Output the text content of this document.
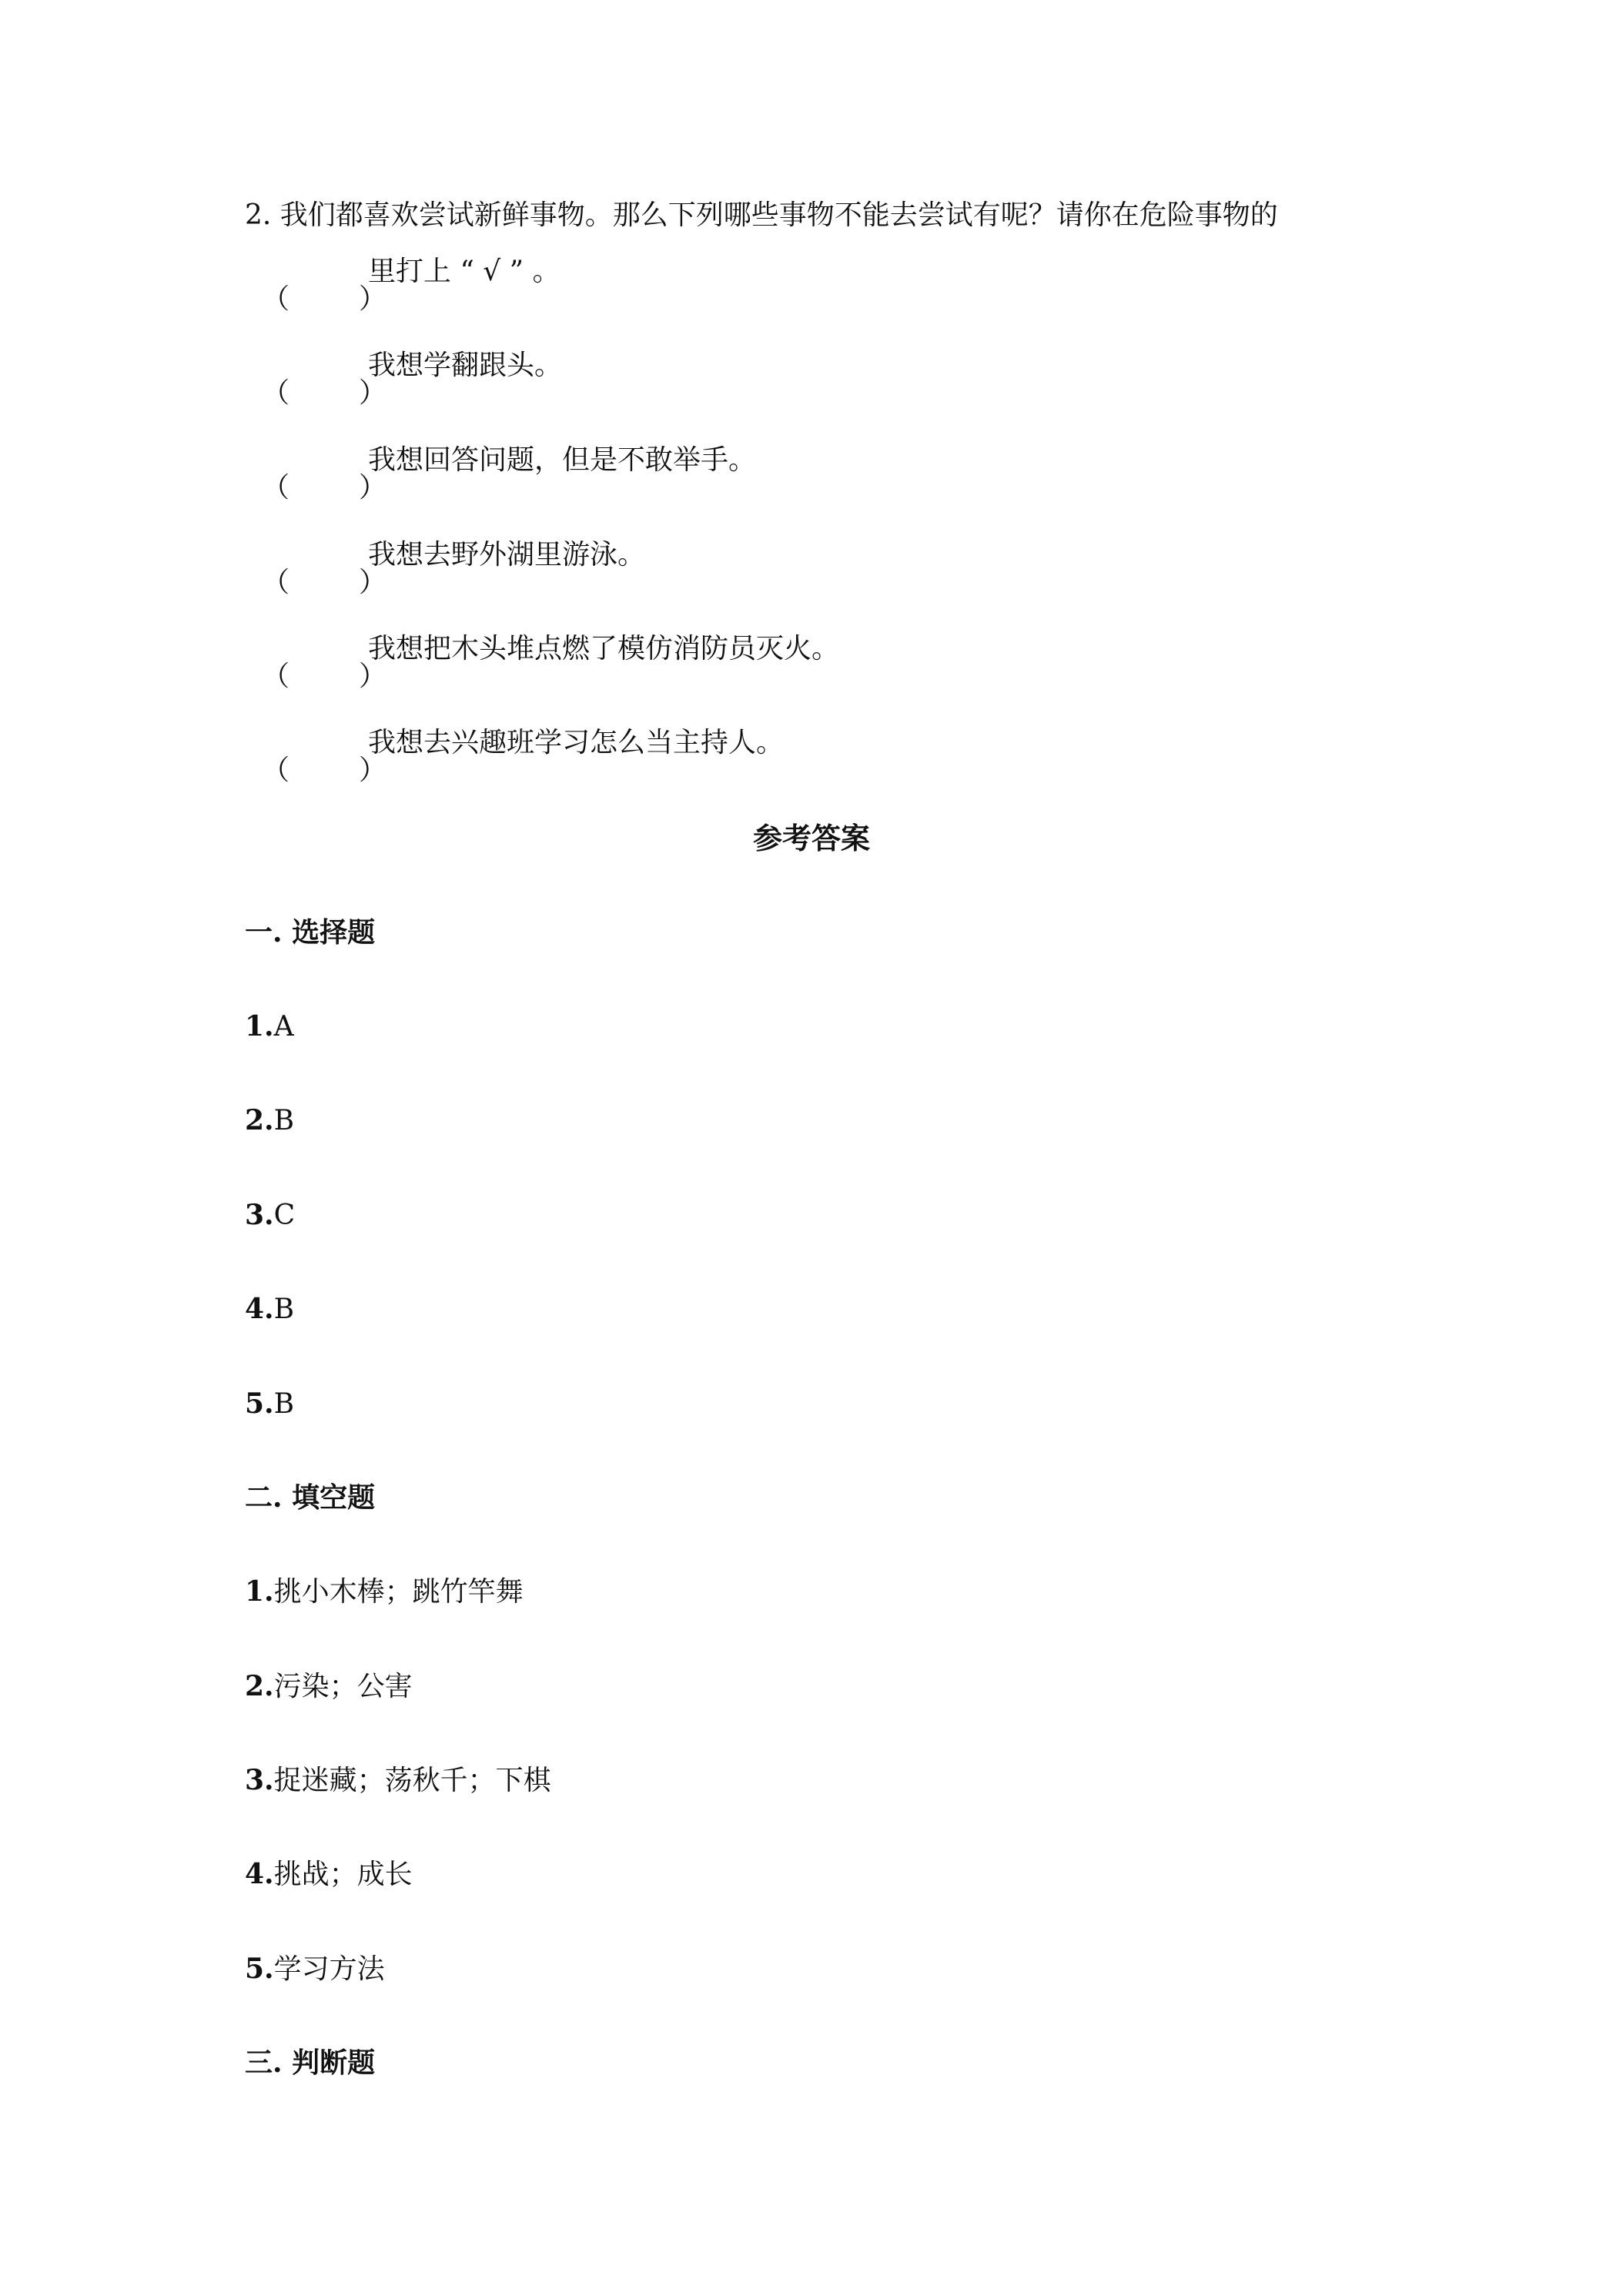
2. 我们都喜欢尝试新鲜事物。那么下列哪些事物不能去尝试有呢？请你在危险事物的
（ ）
里打上 “ √ ” 。
（ ）
我想学翻跟头。
（ ）
我想回答问题，但是不敢举手。
（ ）
我想去野外湖里游泳。
（ ）
我想把木头堆点燃了模仿消防员灭火。
（ ）
我想去兴趣班学习怎么当主持人。
参考答案
一. 选择题
1.A
2.B
3.C
4.B
5.B
二. 填空题
1.挑小木棒；跳竹竿舞
2.污染；公害
3.捉迷藏；荡秋千；下棋
4.挑战；成长
5.学习方法
三. 判断题
